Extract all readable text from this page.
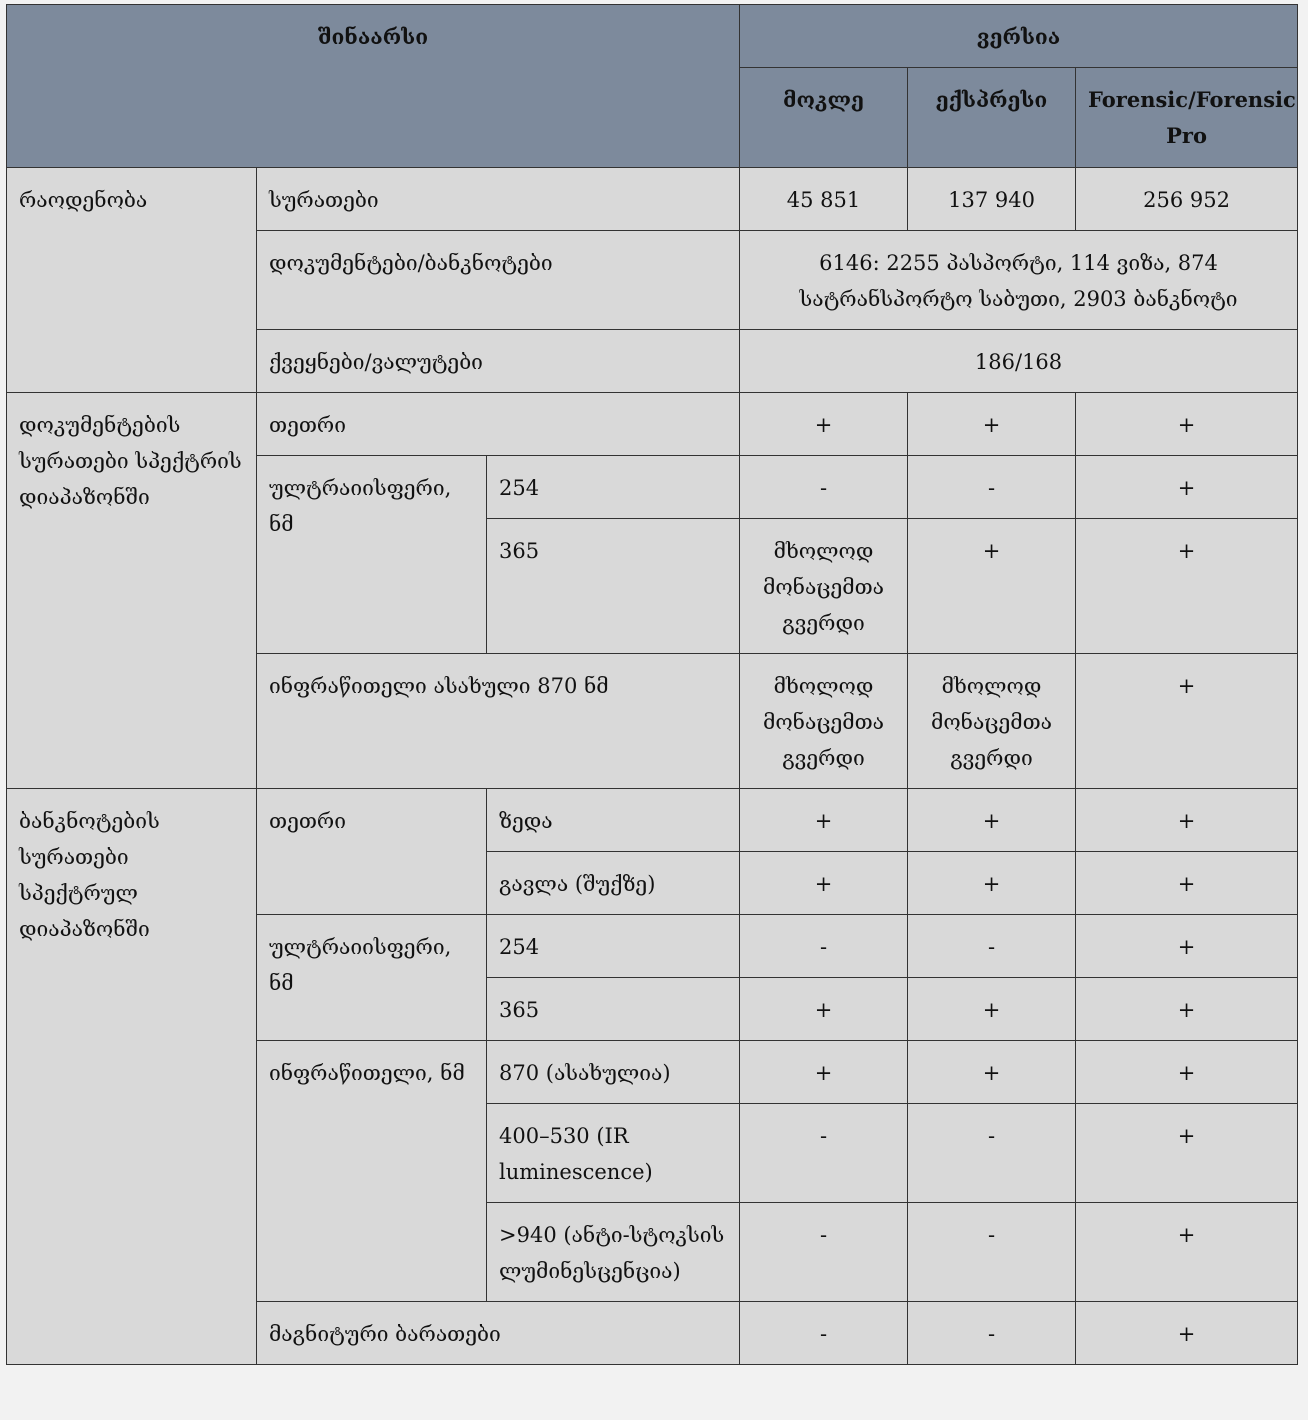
შინაარსი			ვერსია		
			მოკლე	ექსპრესი	Forensic/Forensic Pro
რაოდენობა	სურათები		45 851	137 940	256 952
	დოკუმენტები/ბანკნოტები		6146: 2255 პასპორტი, 114 ვიზა, 874 სატრანსპორტო საბუთი, 2903 ბანკნოტი		
	ქვეყნები/ვალუტები		186/168		
დოკუმენტების სურათები სპექტრის დიაპაზონში	თეთრი		+	+	+
	ულტრაიისფერი, ნმ	254	-	-	+
		365	მხოლოდ მონაცემთა გვერდი	+	+
	ინფრაწითელი ასახული 870 ნმ		მხოლოდ მონაცემთა გვერდი	მხოლოდ მონაცემთა გვერდი	+
ბანკნოტების სურათები სპექტრულ დიაპაზონში	თეთრი	ზედა	+	+	+
		გავლა (შუქზე)	+	+	+
	ულტრაიისფერი, ნმ	254	-	-	+
		365	+	+	+
	ინფრაწითელი, ნმ	870 (ასახულია)	+	+	+
		400–530 (IR luminescence)	-	-	+
		>940 (ანტი-სტოკსის ლუმინესცენცია)	-	-	+
	მაგნიტური ბარათები		-	-	+
